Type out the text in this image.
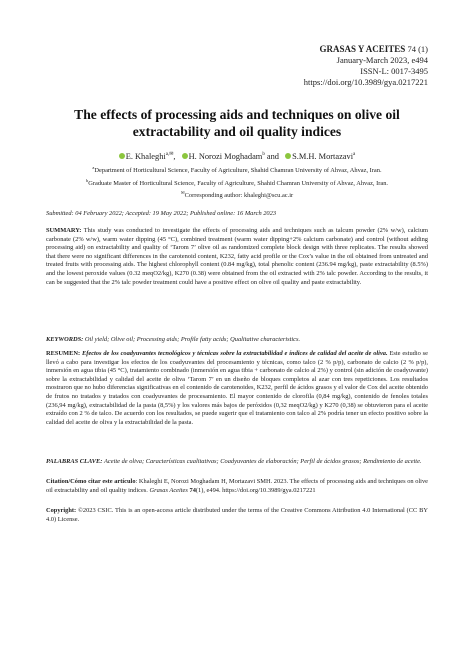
GRASAS Y ACEITES 74 (1)
January-March 2023, e494
ISSN-L: 0017-3495
https://doi.org/10.3989/gya.0217221
The effects of processing aids and techniques on olive oil extractability and oil quality indices
E. Khaleghi$^{a,✉}$, H. Norozi Moghadam$^b$ and S.M.H. Mortazavi$^a$
$^a$Department of Horticultural Science, Faculty of Agriculture, Shahid Chamran University of Ahvaz, Ahvaz, Iran.
$^b$Graduate Master of Horticultural Science, Faculty of Agriculture, Shahid Chamran University of Ahvaz, Ahvaz, Iran.
✉Corresponding author: khaleghi@scu.ac.ir
Submitted: 04 February 2022; Accepted: 19 May 2022; Published online: 16 March 2023

SUMMARY: This study was conducted to investigate the effects of processing aids and techniques such as talcum powder (2% w/w), calcium carbonate (2% w/w), warm water dipping (45 °C), combined treatment (warm water dipping+2% calcium carbonate) and control (without adding processing aid) on extractability and quality of ‘Tarom 7’ olive oil as randomized complete block design with three replicates. The results showed that there were no significant differences in the carotenoid content, K232, fatty acid profile or the Cox’s value in the oil obtained from untreated and treated fruits with processing aids. The highest chlorophyll content (0.84 mg/kg), total phenolic content (236.94 mg/kg), paste extractability (8.5%) and the lowest peroxide values (0.32 meqO2/kg), K270 (0.38) were obtained from the oil extracted with 2% talc powder. According to the results, it can be suggested that the 2% talc powder treatment could have a positive effect on olive oil quality and paste extractability.

KEYWORDS: Oil yield; Olive oil; Processing aids; Profile fatty acids; Qualitative characteristics.

RESUMEN: Efectos de los coadyuvantes tecnológicos y técnicas sobre la extractabilidad e índices de calidad del aceite de oliva. Este estudio se llevó a cabo para investigar los efectos de los coadyuvantes del procesamiento y técnicas, como talco (2 % p/p), carbonato de calcio (2 % p/p), inmersión en agua tibia (45 °C), tratamiento combinado (inmersión en agua tibia + carbonato de calcio al 2%) y control (sin adición de coadyuvante) sobre la extractabilidad y calidad del aceite de oliva ‘Tarom 7’ en un diseño de bloques completos al azar con tres repeticiones. Los resultados mostraron que no hubo diferencias significativas en el contenido de carotenoides, K232, perfil de ácidos grasos y el valor de Cox del aceite obtenido de frutos no tratados y tratados con coadyuvantes de procesamiento. El mayor contenido de clorofila (0,84 mg/kg), contenido de fenoles totales (236,94 mg/kg), extractabilidad de la pasta (8,5%) y los valores más bajos de peróxidos (0,32 meqO2/kg) y K270 (0,38) se obtuvieron para el aceite extraído con 2 % de talco. De acuerdo con los resultados, se puede sugerir que el tratamiento con talco al 2% podría tener un efecto positivo sobre la calidad del aceite de oliva y la extractabilidad de la pasta.

PALABRAS CLAVE: Aceite de oliva; Características cualitativas; Coadyuvantes de elaboración; Perfil de ácidos grasos; Rendimiento de aceite.

Citation/Cómo citar este artículo: Khaleghi E, Norozi Moghadam H, Mortazavi SMH. 2023. The effects of processing aids and techniques on olive oil extractability and oil quality indices. Grasas Aceites 74(1), e494. https://doi.org/10.3989/gya.0217221

Copyright: ©2023 CSIC. This is an open-access article distributed under the terms of the Creative Commons Attribution 4.0 International (CC BY 4.0) License.
